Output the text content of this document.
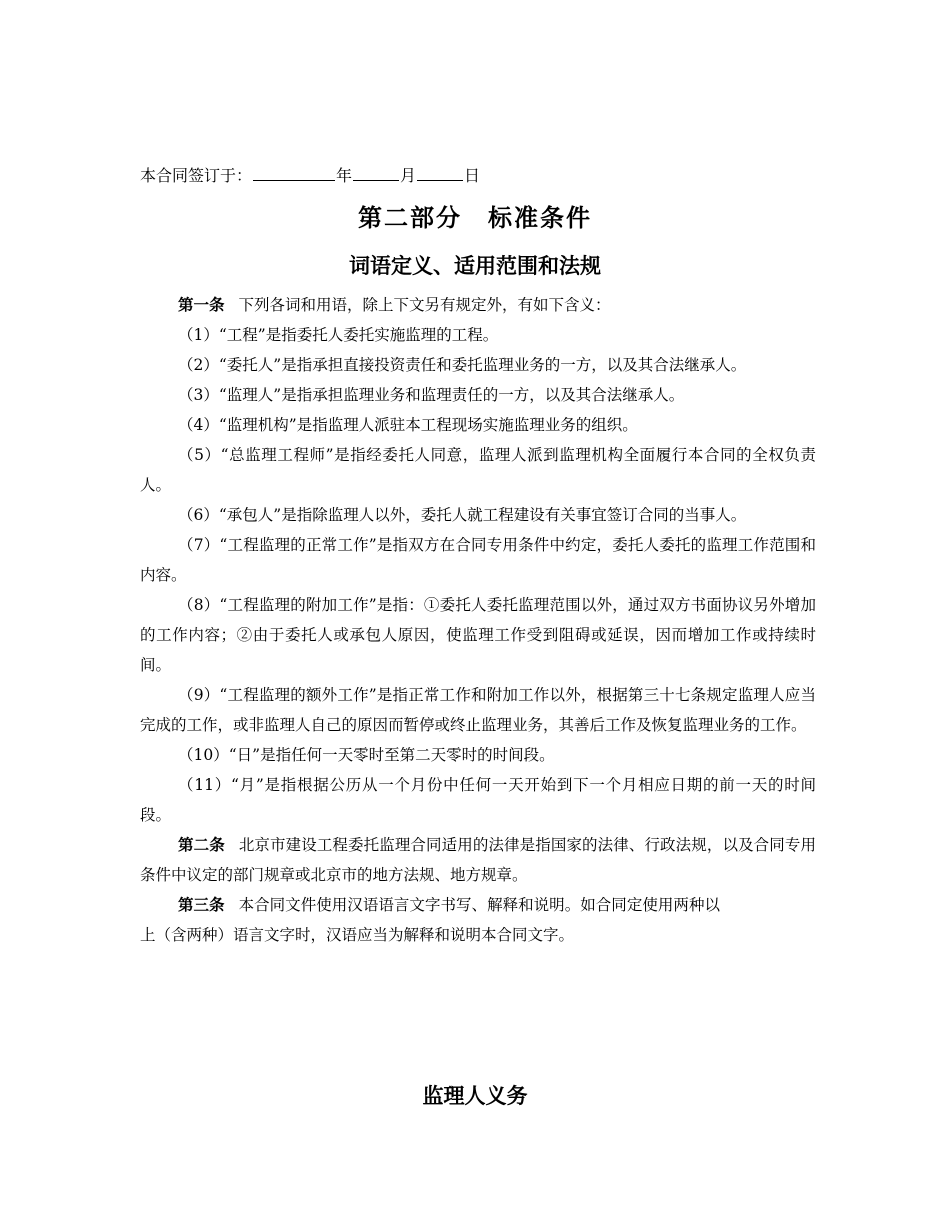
本合同签订于：	年	月	日
第二部分　标准条件
词语定义、适用范围和法规

第一条 下列各词和用语，除上下文另有规定外，有如下含义：

（1）“工程”是指委托人委托实施监理的工程。

（2）“委托人”是指承担直接投资责任和委托监理业务的一方，以及其合法继承人。

（3）“监理人”是指承担监理业务和监理责任的一方，以及其合法继承人。

（4）“监理机构”是指监理人派驻本工程现场实施监理业务的组织。

（5）“总监理工程师”是指经委托人同意，监理人派到监理机构全面履行本合同的全权负责人。

（6）“承包人”是指除监理人以外，委托人就工程建设有关事宜签订合同的当事人。

（7）“工程监理的正常工作”是指双方在合同专用条件中约定，委托人委托的监理工作范围和内容。

（8）“工程监理的附加工作”是指：①委托人委托监理范围以外，通过双方书面协议另外增加的工作内容；②由于委托人或承包人原因，使监理工作受到阻碍或延误，因而增加工作或持续时间。

（9）“工程监理的额外工作”是指正常工作和附加工作以外，根据第三十七条规定监理人应当完成的工作，或非监理人自己的原因而暂停或终止监理业务，其善后工作及恢复监理业务的工作。

（10）“日”是指任何一天零时至第二天零时的时间段。

（11）“月”是指根据公历从一个月份中任何一天开始到下一个月相应日期的前一天的时间段。

第二条 北京市建设工程委托监理合同适用的法律是指国家的法律、行政法规，以及合同专用条件中议定的部门规章或北京市的地方法规、地方规章。

第三条 本合同文件使用汉语语言文字书写、解释和说明。如合同定使用两种以上（含两种）语言文字时，汉语应当为解释和说明本合同文字。

监理人义务
